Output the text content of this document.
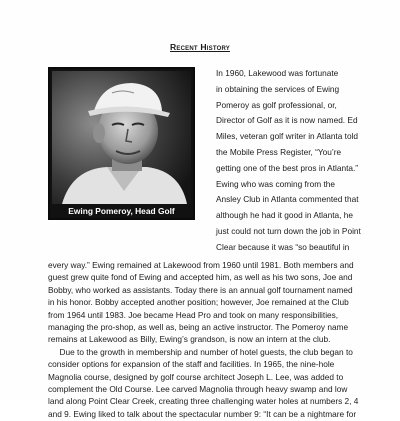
Recent History
Ewing Pomeroy, Head Golf
In 1960, Lakewood was fortunate
in obtaining the services of Ewing
Pomeroy as golf professional, or,
Director of Golf as it is now named. Ed
Miles, veteran golf writer in Atlanta told
the Mobile Press Register, “You’re
getting one of the best pros in Atlanta.”
Ewing who was coming from the
Ansley Club in Atlanta commented that
although he had it good in Atlanta, he
just could not turn down the job in Point
Clear because it was “so beautiful in
every way.” Ewing remained at Lakewood from 1960 until 1981. Both members and
guest grew quite fond of Ewing and accepted him, as well as his two sons, Joe and
Bobby, who worked as assistants. Today there is an annual golf tournament named
in his honor. Bobby accepted another position; however, Joe remained at the Club
from 1964 until 1983. Joe became Head Pro and took on many responsibilities,
managing the pro-shop, as well as, being an active instructor. The Pomeroy name
remains at Lakewood as Billy, Ewing’s grandson, is now an intern at the club.
Due to the growth in membership and number of hotel guests, the club began to
consider options for expansion of the staff and facilities. In 1965, the nine-hole
Magnolia course, designed by golf course architect Joseph L. Lee, was added to
complement the Old Course. Lee carved Magnolia through heavy swamp and low
land along Point Clear Creek, creating three challenging water holes at numbers 2, 4
and 9. Ewing liked to talk about the spectacular number 9: “It can be a nightmare for
